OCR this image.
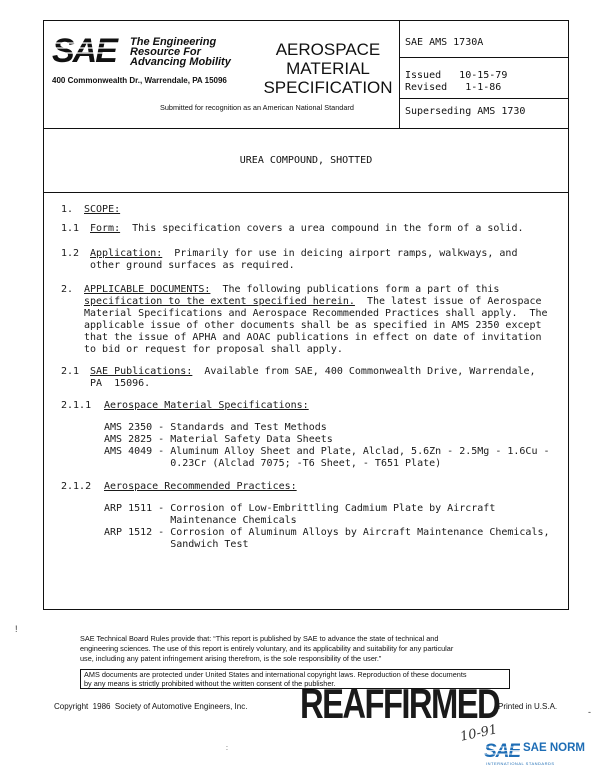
SAE	The Engineering
Resource For
Advancing Mobility
400 Commonwealth Dr., Warrendale, PA 15096
AEROSPACE
MATERIAL
SPECIFICATION
Submitted for recognition as an American National Standard
SAE AMS 1730A
Issued   10-15-79
Revised   1-1-86
Superseding AMS 1730
UREA COMPOUND, SHOTTED
1. SCOPE:
1.1 Form:  This specification covers a urea compound in the form of a solid.
1.2 Application:  Primarily for use in deicing airport ramps, walkways, and
other ground surfaces as required.
2. APPLICABLE DOCUMENTS:  The following publications form a part of this
specification to the extent specified herein.  The latest issue of Aerospace
Material Specifications and Aerospace Recommended Practices shall apply.  The
applicable issue of other documents shall be as specified in AMS 2350 except
that the issue of APHA and AOAC publications in effect on date of invitation
to bid or request for proposal shall apply.
2.1 SAE Publications:  Available from SAE, 400 Commonwealth Drive, Warrendale,
PA  15096.
2.1.1 Aerospace Material Specifications:
AMS 2350 - Standards and Test Methods
AMS 2825 - Material Safety Data Sheets
AMS 4049 - Aluminum Alloy Sheet and Plate, Alclad, 5.6Zn - 2.5Mg - 1.6Cu -
0.23Cr (Alclad 7075; -T6 Sheet, - T651 Plate)
2.1.2 Aerospace Recommended Practices:
ARP 1511 - Corrosion of Low-Embrittling Cadmium Plate by Aircraft
Maintenance Chemicals
ARP 1512 - Corrosion of Aluminum Alloys by Aircraft Maintenance Chemicals,
Sandwich Test
!
-
:
SAE Technical Board Rules provide that: “This report is published by SAE to advance the state of technical and
engineering sciences. The use of this report is entirely voluntary, and its applicability and suitability for any particular
use, including any patent infringement arising therefrom, is the sole responsibility of the user.”
AMS documents are protected under United States and international copyright laws. Reproduction of these documents
by any means is strictly prohibited without the written consent of the publisher.
Copyright  1986  Society of Automotive Engineers, Inc.	Printed in U.S.A.
REAFFIRMED
10-91
SAE SAE NORM
INTERNATIONAL STANDARDS
